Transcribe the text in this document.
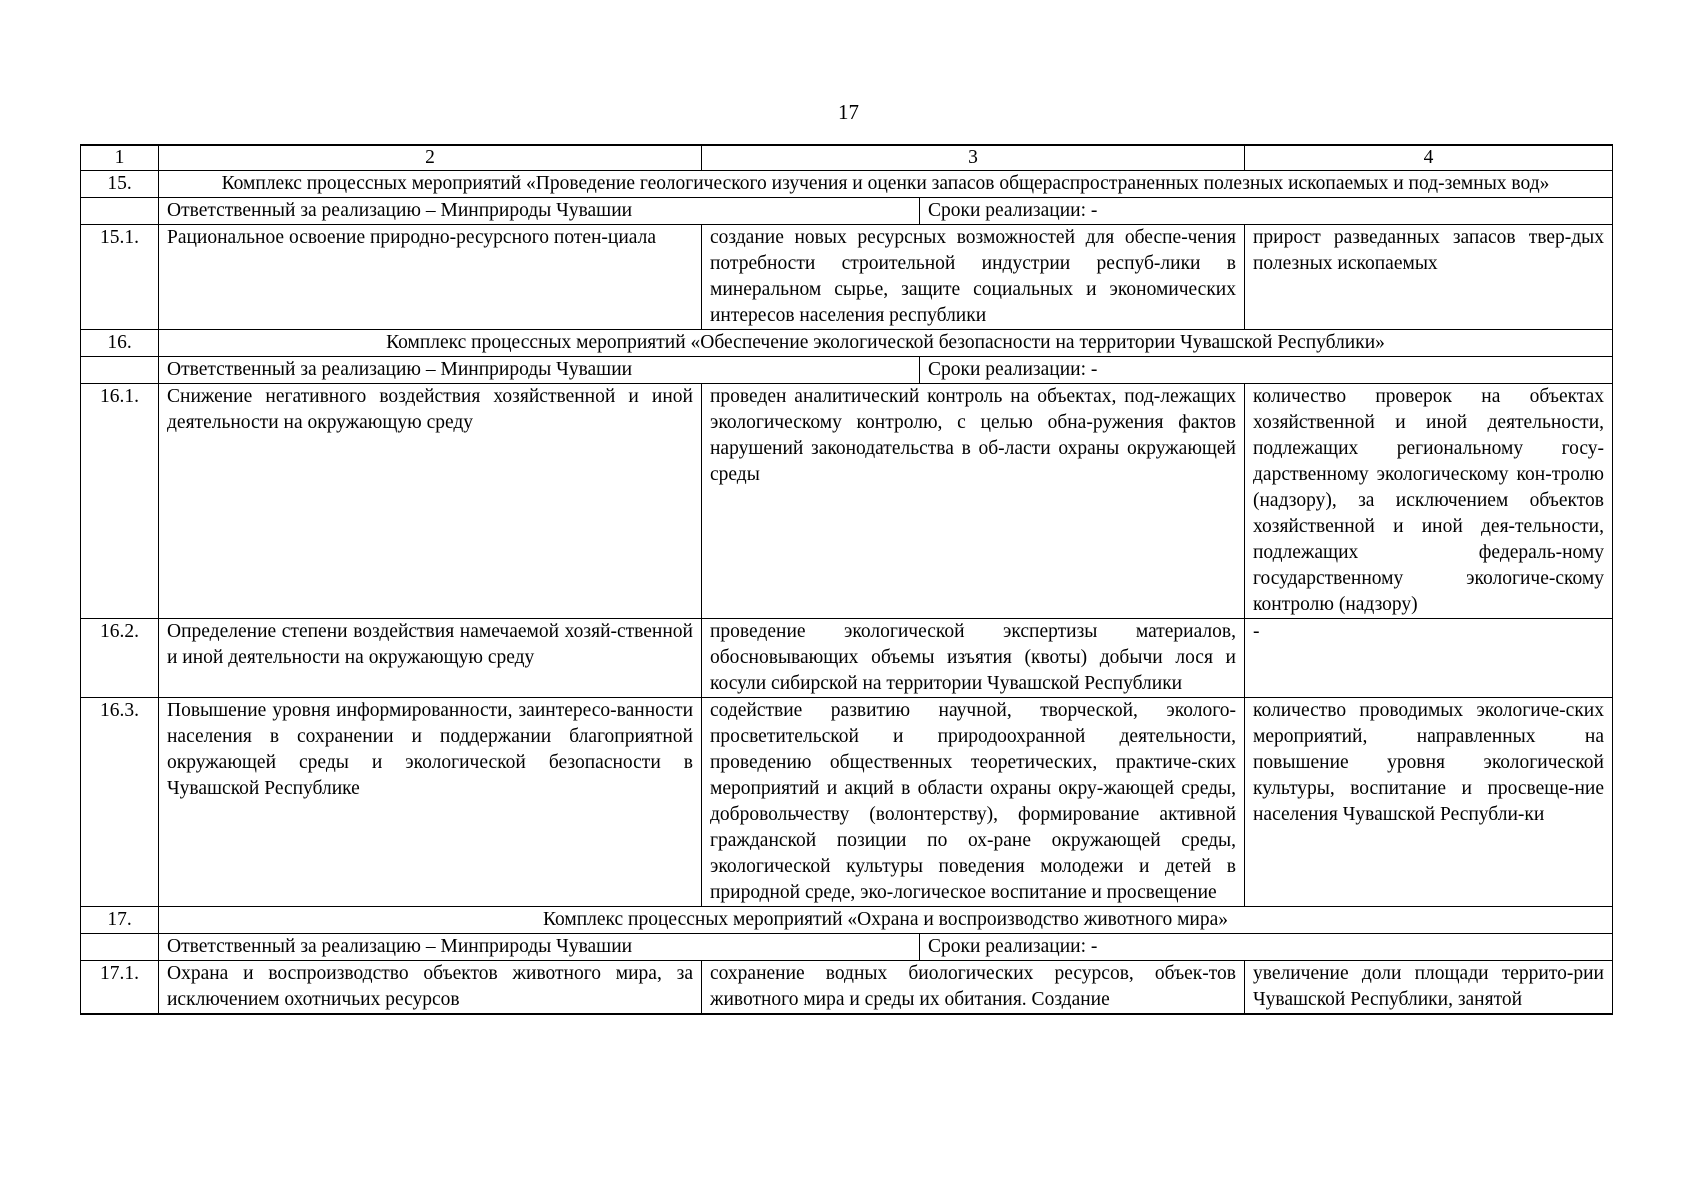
17
1	2	3	4
15.	Комплекс процессных мероприятий «Проведение геологического изучения и оценки запасов общераспространенных полезных ископаемых и под-земных вод»		

	Ответственный за реализацию – Минприроды Чувашии Сроки реализации: -		

15.1.	Рациональное освоение природно-ресурсного потен-циала	создание новых ресурсных возможностей для обеспе-чения потребности строительной индустрии респуб-лики в минеральном сырье, защите социальных и экономических интересов населения республики	прирост разведанных запасов твер-дых полезных ископаемых
16.	Комплекс процессных мероприятий «Обеспечение экологической безопасности на территории Чувашской Республики»		

	Ответственный за реализацию – Минприроды Чувашии Сроки реализации: -		

16.1.	Снижение негативного воздействия хозяйственной и иной деятельности на окружающую среду	проведен аналитический контроль на объектах, под-лежащих экологическому контролю, с целью обна-ружения фактов нарушений законодательства в об-ласти охраны окружающей среды	количество проверок на объектах хозяйственной и иной деятельности, подлежащих региональному госу-дарственному экологическому кон-тролю (надзору), за исключением объектов хозяйственной и иной дея-тельности, подлежащих федераль-ному государственному экологиче-скому контролю (надзору)
16.2.	Определение степени воздействия намечаемой хозяй-ственной и иной деятельности на окружающую среду	проведение экологической экспертизы материалов, обосновывающих объемы изъятия (квоты) добычи лося и косули сибирской на территории Чувашской Республики	-
16.3.	Повышение уровня информированности, заинтересо-ванности населения в сохранении и поддержании благоприятной окружающей среды и экологической безопасности в Чувашской Республике	содействие развитию научной, творческой, эколого-просветительской и природоохранной деятельности, проведению общественных теоретических, практиче-ских мероприятий и акций в области охраны окру-жающей среды, добровольчеству (волонтерству), формирование активной гражданской позиции по ох-ране окружающей среды, экологической культуры поведения молодежи и детей в природной среде, эко-логическое воспитание и просвещение	количество проводимых экологиче-ских мероприятий, направленных на повышение уровня экологической культуры, воспитание и просвеще-ние населения Чувашской Республи-ки
17.	Комплекс процессных мероприятий «Охрана и воспроизводство животного мира»		

	Ответственный за реализацию – Минприроды Чувашии Сроки реализации: -		

17.1.	Охрана и воспроизводство объектов животного мира, за исключением охотничьих ресурсов	сохранение водных биологических ресурсов, объек-тов животного мира и среды их обитания. Создание	увеличение доли площади террито-рии Чувашской Республики, занятой
